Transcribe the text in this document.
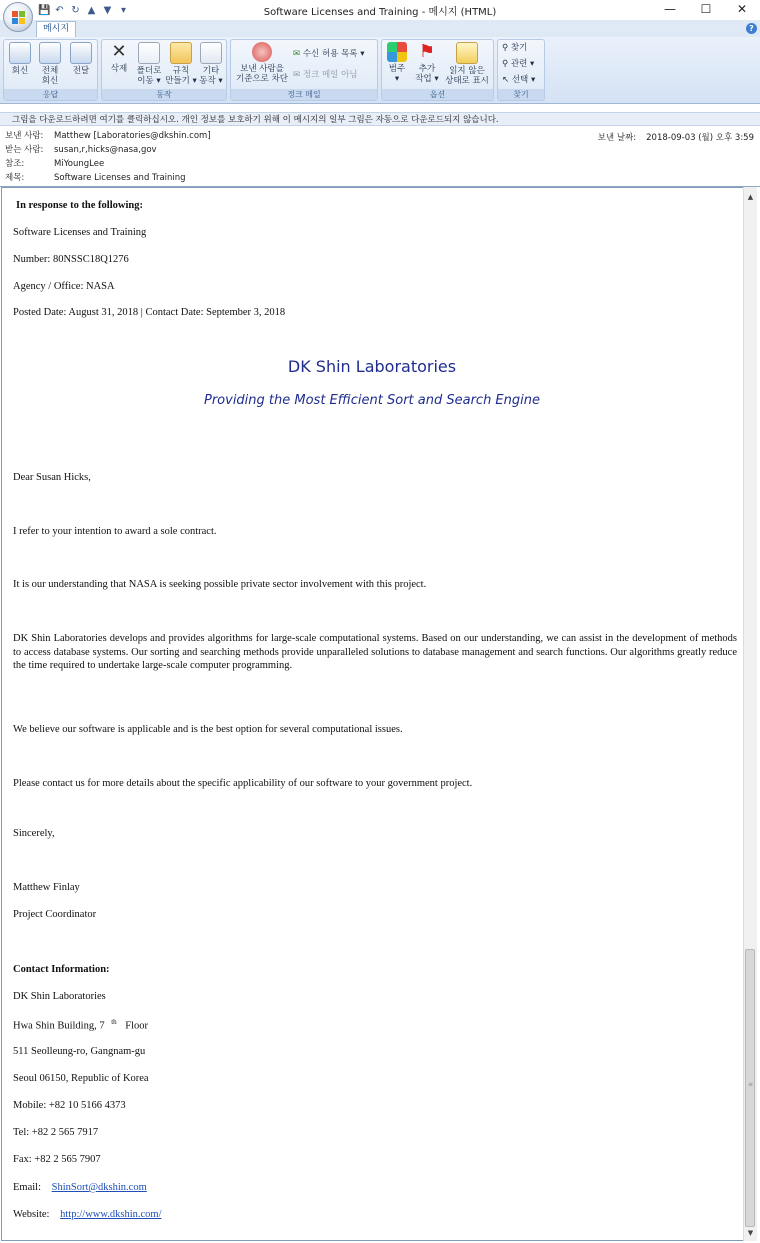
💾 ↶ ↻ ▲ ▼ ▾	Software Licenses and Training - 메시지 (HTML)	—	☐	✕
메시지	?
회신	전체
회신
전달
응답
✕
삭제	폴더로
이동 ▾
규칙
만들기 ▾
기타
동작 ▾
동작
보낸 사람을
기준으로 차단
✉ 수신 허용 목록 ▾
✉ 정크 메일 아님
정크 메일
범주
▾
⚑
추가
작업 ▾
읽지 않은
상태로 표시
옵션
⚲ 찾기
⚲ 관련 ▾
↖ 선택 ▾
찾기
그림을 다운로드하려면 여기를 클릭하십시오. 개인 정보를 보호하기 위해 이 메시지의 일부 그림은 자동으로 다운로드되지 않습니다.
보낸 사람: Matthew [Laboratories@dkshin.com]
받는 사람: susan,r,hicks@nasa,gov
참조:	MiYoungLee
제목:	Software Licenses and Training
보낸 날짜: 2018-09-03 (월) 오후 3:59

In response to the following:

Software Licenses and Training

Number: 80NSSC18Q1276

Agency / Office: NASA

Posted Date: August 31, 2018 | Contact Date: September 3, 2018

DK Shin Laboratories

Providing the Most Efficient Sort and Search Engine

Dear Susan Hicks,

I refer to your intention to award a sole contract.

It is our understanding that NASA is seeking possible private sector involvement with this project.

DK Shin Laboratories develops and provides algorithms for large-scale computational systems. Based on our understanding, we can assist in the development of methods to access database systems. Our sorting and searching methods provide unparalleled solutions to database management and search functions. Our algorithms greatly reduce the time required to undertake large-scale computer programming.

We believe our software is applicable and is the best option for several computational issues.

Please contact us for more details about the specific applicability of our software to your government project.

Sincerely,

Matthew Finlay

Project Coordinator

Contact Information:

DK Shin Laboratories

Hwa Shin Building, 7 $^{th}$ Floor

511 Seolleung-ro, Gangnam-gu

Seoul 06150, Republic of Korea

Mobile: +82 10 5166 4373

Tel: +82 2 565 7917

Fax: +82 2 565 7907

Email: ShinSort@dkshin.com

Website: http://www.dkshin.com/

▲
≡
▼
